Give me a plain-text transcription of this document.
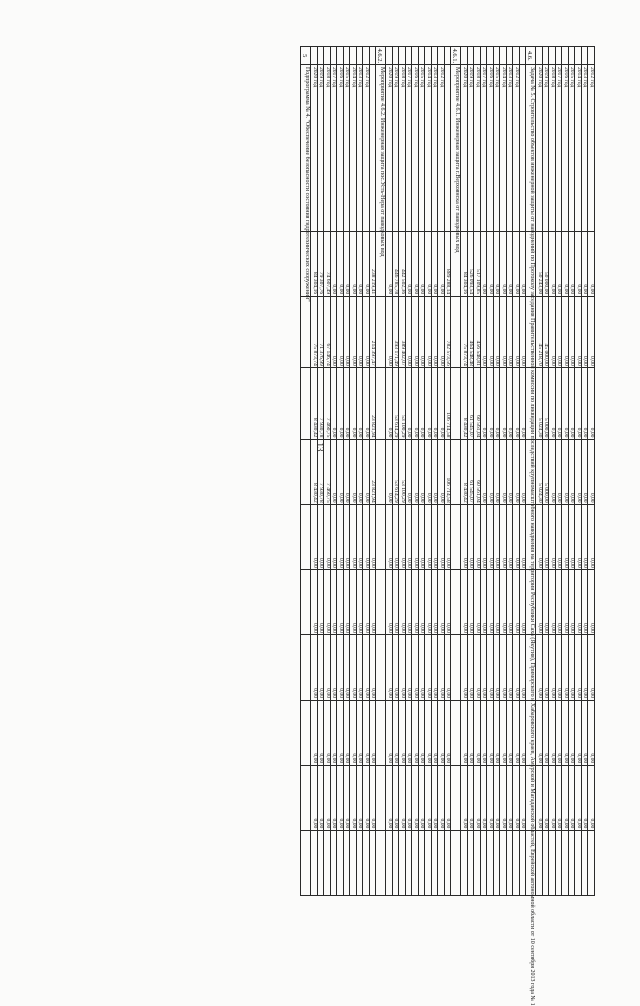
13
	2012 год	0,00	0,00	0,00	0,00	0,00	0,00	0,00	0,00	0,00	
	2013 год	0,00	0,00	0,00	0,00	0,00	0,00	0,00	0,00	0,00	
	2014 год	0,00	0,00	0,00	0,00	0,00	0,00	0,00	0,00	0,00	
	2015 год	0,00	0,00	0,00	0,00	0,00	0,00	0,00	0,00	0,00	
	2016 год	0,00	0,00	0,00	0,00	0,00	0,00	0,00	0,00	0,00	
	2017 год	0,00	0,00	0,00	0,00	0,00	0,00	0,00	0,00	0,00	
	2018 год	0,00	0,00	0,00	0,00	0,00	0,00	0,00	0,00	0,00	
	2019 год	50 000,00	45 000,00	5 000,00	5 000,00	0,00	0,00	0,00	0,00	0,00	
	2020 год	50 243,00	45 218,70	5 024,30	5 024,30	0,00	0,00	0,00	0,00	0,00	
4.6.	Задача № 5. Строительство объектов инженерной защиты от наводнений по Протоколу заседания Правительственной комиссии по ликвидации последствий крупномасштабного наводнения на территории Республики Саха (Якутия), Приморского и Хабаровского краев, Амурской и Магаданской областей, Еврейской автономной области от 10 сентября 2013 года № 1										
		0,00	0,00	0,00	0,00	0,00	0,00	0,00	0,00	0,00	
	2012 год	0,00	0,00	0,00	0,00	0,00	0,00	0,00	0,00	0,00	
	2013 год	0,00	0,00	0,00	0,00	0,00	0,00	0,00	0,00	0,00	
	2014 год	0,00	0,00	0,00	0,00	0,00	0,00	0,00	0,00	0,00	
	2015 год	0,00	0,00	0,00	0,00	0,00	0,00	0,00	0,00	0,00	
	2016 год	0,00	0,00	0,00	0,00	0,00	0,00	0,00	0,00	0,00	
	2017 год	0,00	0,00	0,00	0,00	0,00	0,00	0,00	0,00	0,00	
	2018 год	517 109,85	456 548,81	60 561,04	60 561,04	0,00	0,00	0,00	0,00	0,00	
	2019 год	526 093,54	464 548,48	61 545,07	61 545,07	0,00	0,00	0,00	0,00	0,00	
	2020 год	84 304,16	75 873,74	8 430,42	8 430,42	0,00	0,00	0,00	0,00	0,00	
4.6.1.	Мероприятие 4.6.1. Инженерная защита г.Верхоянска от паводковых вод										
		889 288,14	782 573,56	106 714,58	106 714,58	0,00	0,00	0,00	0,00	0,00	
	2012 год	0,00	0,00	0,00	0,00	0,00	0,00	0,00	0,00	0,00	
	2013 год	0,00	0,00	0,00	0,00	0,00	0,00	0,00	0,00	0,00	
	2014 год	0,00	0,00	0,00	0,00	0,00	0,00	0,00	0,00	0,00	
	2015 год	0,00	0,00	0,00	0,00	0,00	0,00	0,00	0,00	0,00	
	2016 год	0,00	0,00	0,00	0,00	0,00	0,00	0,00	0,00	0,00	
	2017 год	0,00	0,00	0,00	0,00	0,00	0,00	0,00	0,00	0,00	
	2018 год	442 502,36	389 402,07	53 100,29	53 100,29	0,00	0,00	0,00	0,00	0,00	
	2019 год	446 785,78	393 171,49	53 614,29	53 614,29	0,00	0,00	0,00	0,00	0,00	
	2020 год	0,00	0,00	0,00	0,00	0,00	0,00	0,00	0,00	0,00	
4.6.2.	Мероприятие 4.6.2. Инженерная защита пос.Усть-Нера от паводковых вод										
		238 219,41	214 397,47	23 821,94	23 821,94	0,00	0,00	0,00	0,00	0,00	
	2012 год	0,00	0,00	0,00	0,00	0,00	0,00	0,00	0,00	0,00	
	2013 год	0,00	0,00	0,00	0,00	0,00	0,00	0,00	0,00	0,00	
	2014 год	0,00	0,00	0,00	0,00	0,00	0,00	0,00	0,00	0,00	
	2015 год	0,00	0,00	0,00	0,00	0,00	0,00	0,00	0,00	0,00	
	2016 год	0,00	0,00	0,00	0,00	0,00	0,00	0,00	0,00	0,00	
	2017 год	0,00	0,00	0,00	0,00	0,00	0,00	0,00	0,00	0,00	
	2018 год	74 607,49	67 146,74	7 460,75	7 460,75	0,00	0,00	0,00	0,00	0,00	
	2019 год	79 307,76	71 376,99	7 930,78	7 930,78	0,00	0,00	0,00	0,00	0,00	
	2020 год	84 304,16	75 873,74	8 430,42	8 430,42	0,00	0,00	0,00	0,00	0,00	
5	Подпрограмма № 4. "Обеспечение безопасности состояния гидротехнических сооружений"										
